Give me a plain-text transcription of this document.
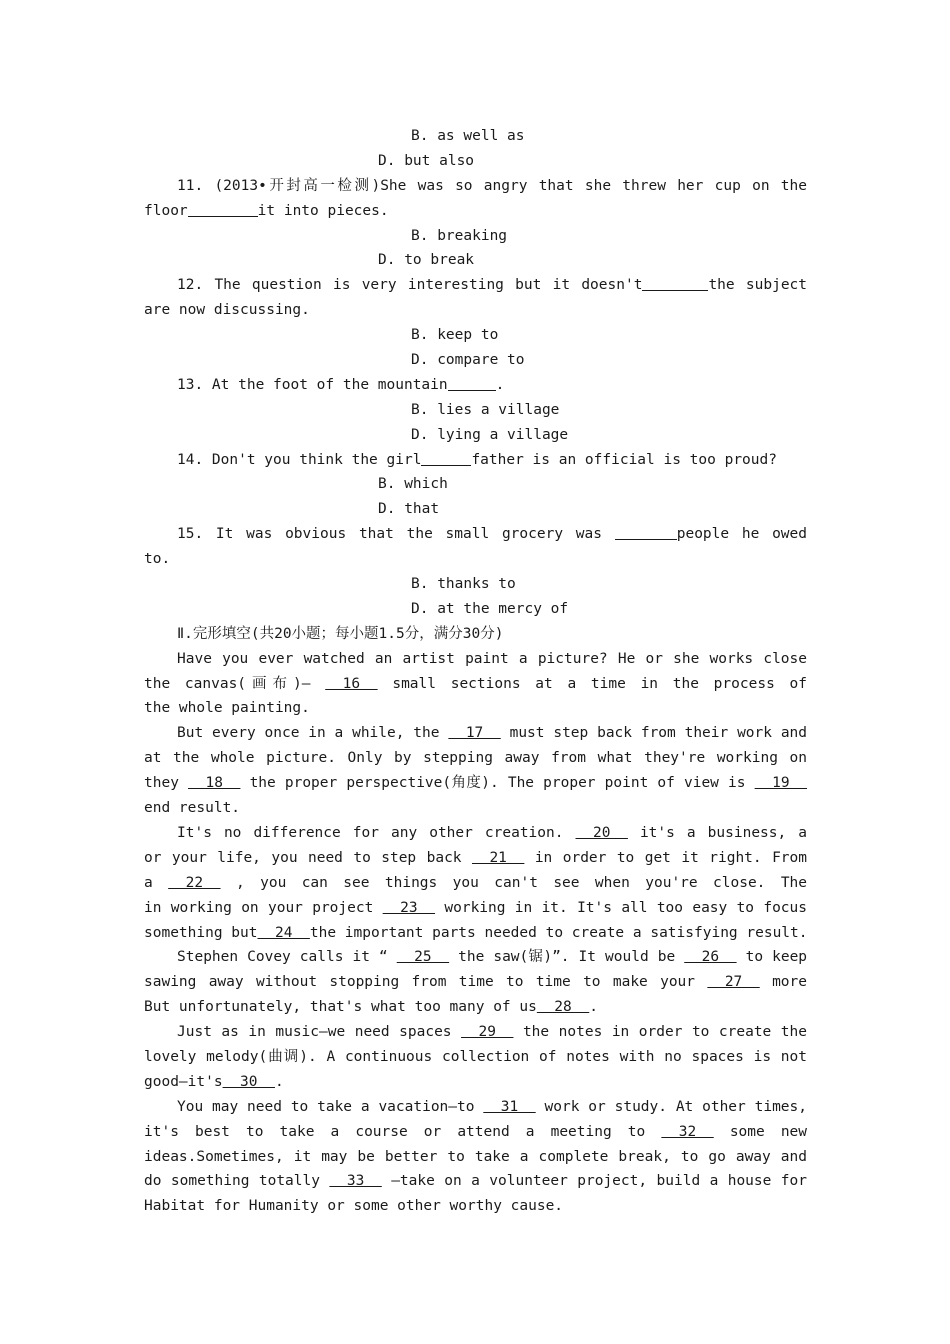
B. as well as

D. but also

11. (2013•开封高一检测)She was so angry that she threw her cup on the
floor	it into pieces.

B. breaking

D. to break

12. The question is very interesting but it doesn't	the subject
are now discussing.

B. keep to

D. compare to

13. At the foot of the mountain	.

B. lies a village

D. lying a village

14. Don't you think the girl	father is an official is too proud?

B. which

D. that

15. It was obvious that the small grocery was	people he owed
to.

B. thanks to

D. at the mercy of

Ⅱ.完形填空(共20小题；每小题1.5分，满分30分)
Have you ever watched an artist paint a picture? He or she works close
the canvas(画布)—   16   small sections at a time in the process of
the whole painting.
But every once in a while, the   17   must step back from their work and
at the whole picture. Only by stepping away from what they're working on
they   18   the proper perspective(角度). The proper point of view is   19
end result.
It's no difference for any other creation.   20   it's a business, a
or your life, you need to step back   21   in order to get it right. From
a   22   , you can see things you can't see when you're close. The
in working on your project   23   working in it. It's all too easy to focus
something but  24  the important parts needed to create a satisfying result.
Stephen Covey calls it “   25   the saw(锯)”. It would be   26   to keep
sawing away without stopping from time to time to make your   27   more
But unfortunately, that's what too many of us  28  .
Just as in music—we need spaces   29   the notes in order to create the
lovely melody(曲调). A continuous collection of notes with no spaces is not
good—it's  30  .
You may need to take a vacation—to   31   work or study. At other times,
it's best to take a course or attend a meeting to   32   some new
ideas.Sometimes, it may be better to take a complete break, to go away and
do something totally   33   —take on a volunteer project, build a house for
Habitat for Humanity or some other worthy cause.
